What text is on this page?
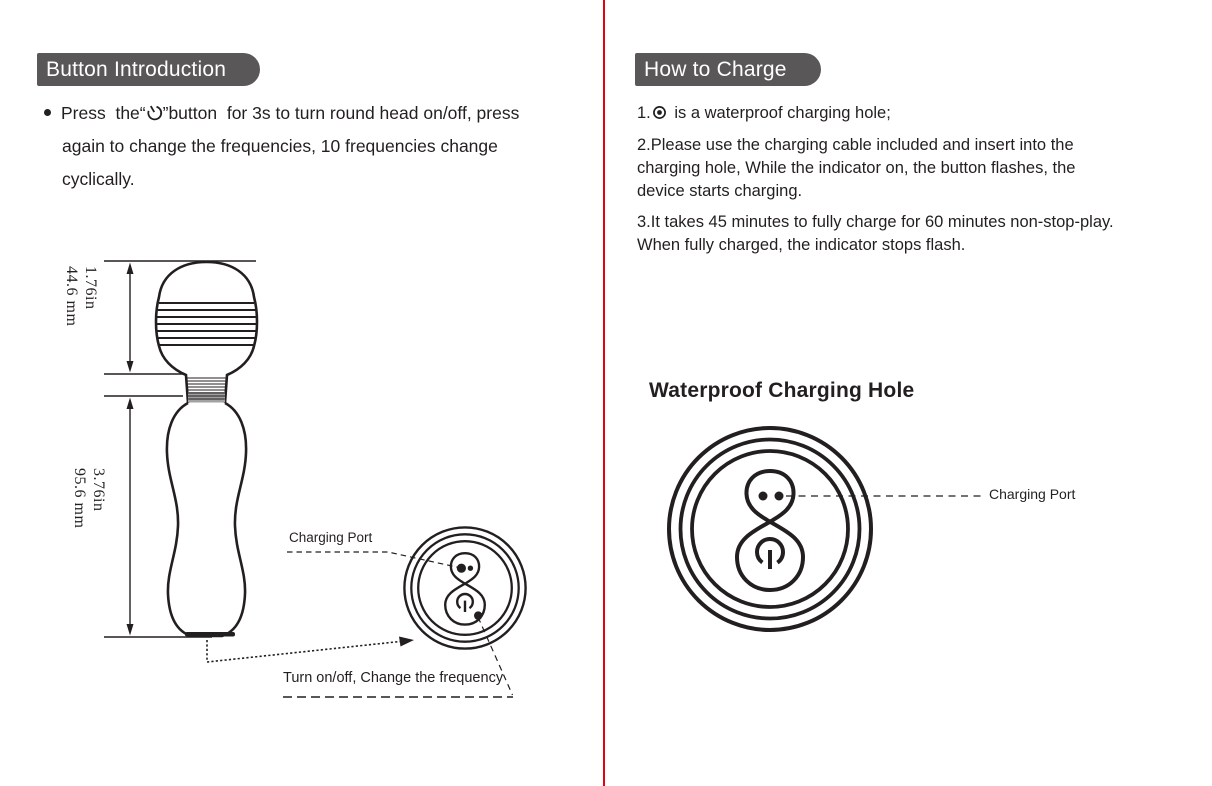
Button Introduction
Press  the“ ”button  for 3s to turn round head on/off, press
again to change the frequencies, 10 frequencies change
cyclically.
1.76in
44.6 mm
3.76in
95.6 mm
Charging Port
Turn on/off, Change the frequency
How to Charge
1. is a waterproof charging hole;
2.Please use the charging cable included and insert into the
charging hole, While the indicator on, the button flashes, the
device starts charging.
3.It takes 45 minutes to fully charge for 60 minutes non-stop-play.
When fully charged, the indicator stops flash.
Waterproof Charging Hole
Charging Port
